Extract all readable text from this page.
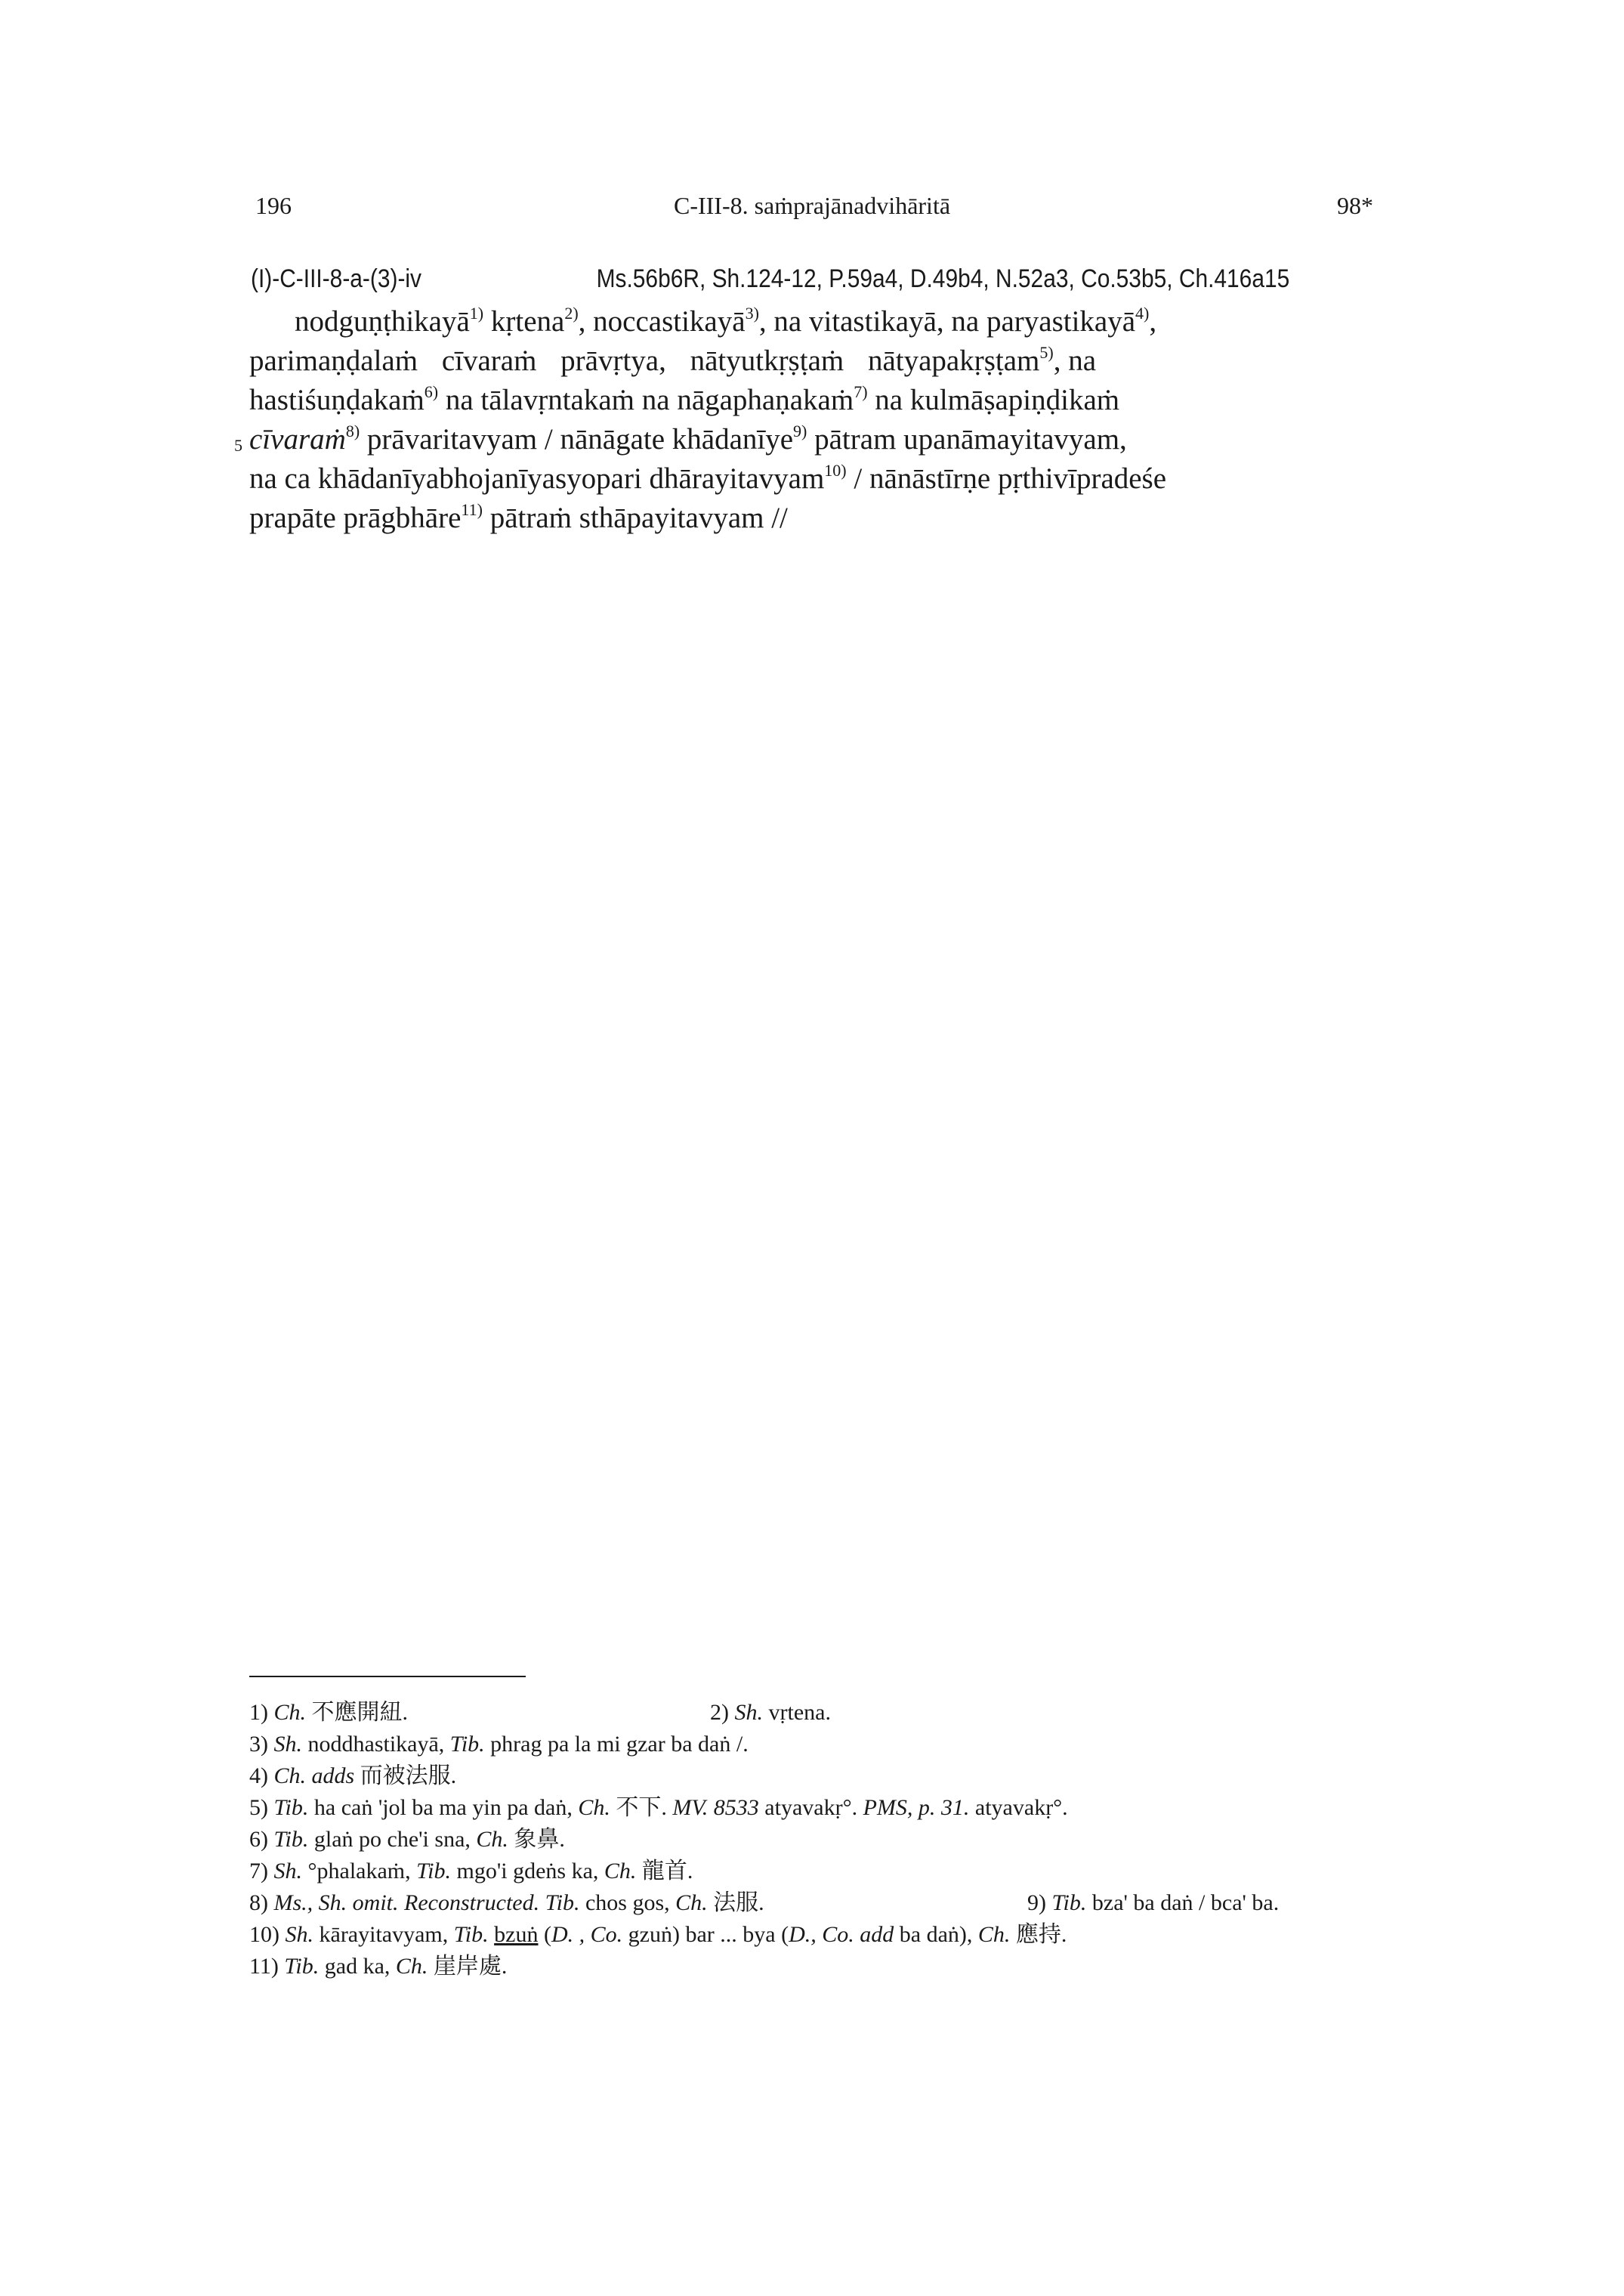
196	C-III-8. saṁprajānadvihāritā	98*
(I)-C-III-8-a-(3)-iv	Ms.56b6R, Sh.124-12, P.59a4, D.49b4, N.52a3, Co.53b5, Ch.416a15
nodguṇṭhikayā$^{1)}$ kṛtena$^{2)}$, noccastikayā$^{3)}$, na vitastikayā, na paryastikayā$^{4)}$,
parimaṇḍalaṁ cīvaraṁ prāvṛtya, nātyutkṛṣṭaṁ nātyapakṛṣṭam$^{5)}$, na
hastiśuṇḍakaṁ$^{6)}$ na tālavṛntakaṁ na nāgaphaṇakaṁ$^{7)}$ na kulmāṣapiṇḍikaṁ
5 cīvaraṁ$^{8)}$ prāvaritavyam / nānāgate khādanīye$^{9)}$ pātram upanāmayitavyam,
na ca khādanīyabhojanīyasyopari dhārayitavyam$^{10)}$ / nānāstīrṇe pṛthivīpradeśe
prapāte prāgbhāre$^{11)}$ pātraṁ sthāpayitavyam //
1) Ch. 不應開紐.	2) Sh. vṛtena.
3) Sh. noddhastikayā, Tib. phrag pa la mi gzar ba daṅ /.
4) Ch. adds 而被法服.
5) Tib. ha caṅ 'jol ba ma yin pa daṅ, Ch. 不下. MV. 8533 atyavakṛ°. PMS, p. 31. atyavakṛ°.
6) Tib. glaṅ po che'i sna, Ch. 象鼻.
7) Sh. °phalakaṁ, Tib. mgo'i gdeṅs ka, Ch. 龍首.
8) Ms., Sh. omit. Reconstructed. Tib. chos gos, Ch. 法服.	9) Tib. bza' ba daṅ / bca' ba.
10) Sh. kārayitavyam, Tib. bzuṅ (D. , Co. gzuṅ) bar ... bya (D., Co. add ba daṅ), Ch. 應持.
11) Tib. gad ka, Ch. 崖岸處.
